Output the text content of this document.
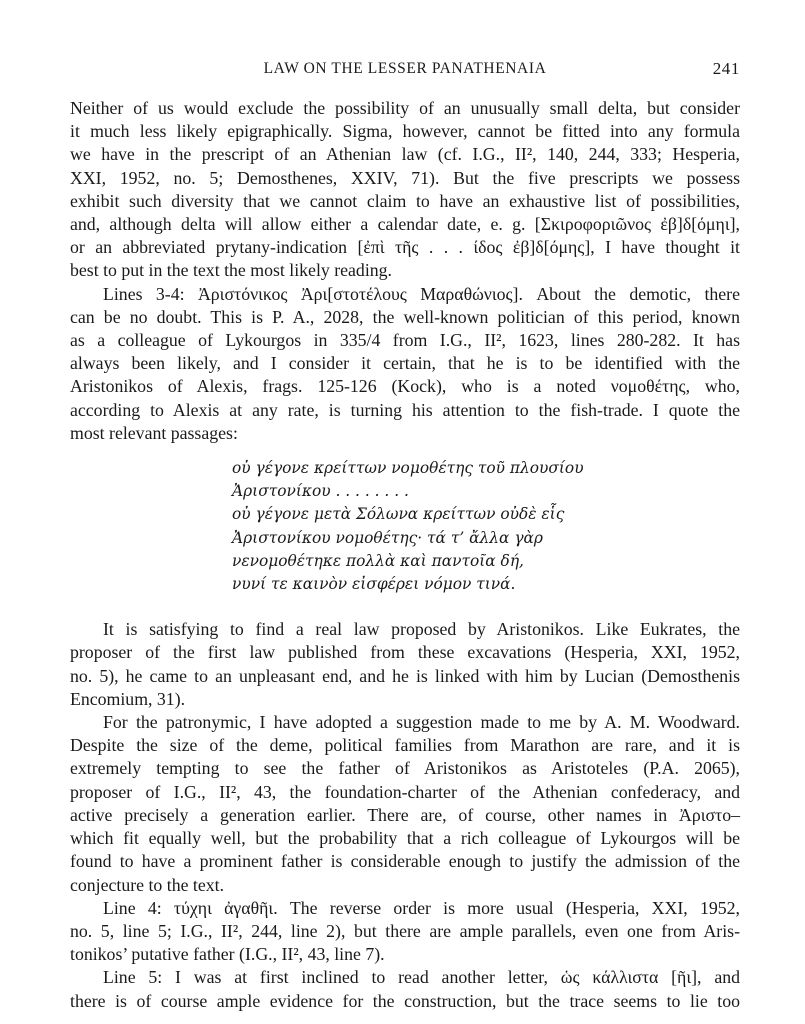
LAW ON THE LESSER PANATHENAIA	241

Neither of us would exclude the possibility of an unusually small delta, but consider
it much less likely epigraphically. Sigma, however, cannot be fitted into any formula
we have in the prescript of an Athenian law (cf. I.G., II², 140, 244, 333; Hesperia,
XXI, 1952, no. 5; Demosthenes, XXIV, 71). But the five prescripts we possess
exhibit such diversity that we cannot claim to have an exhaustive list of possibilities,
and, although delta will allow either a calendar date, e. g. [Σκιροφοριῶνος ἐβ]δ[όμηι],
or an abbreviated prytany-indication [ἐπὶ τῆς . . . ίδος ἐβ]δ[όμης], I have thought it
best to put in the text the most likely reading.

Lines 3-4: Ἀριστόνικος Ἀρι[στοτέλους Μαραθώνιος]. About the demotic, there
can be no doubt. This is P. A., 2028, the well-known politician of this period, known
as a colleague of Lykourgos in 335/4 from I.G., II², 1623, lines 280-282. It has
always been likely, and I consider it certain, that he is to be identified with the
Aristonikos of Alexis, frags. 125-126 (Kock), who is a noted νομοθέτης, who,
according to Alexis at any rate, is turning his attention to the fish-trade. I quote the
most relevant passages:

οὐ γέγονε κρείττων νομοθέτης τοῦ πλουσίου
Ἀριστονίκου . . . . . . . .
οὐ γέγονε μετὰ Σόλωνα κρείττων οὐδὲ εἷς
Ἀριστονίκου νομοθέτης· τά τ’ ἄλλα γὰρ
νενομοθέτηκε πολλὰ καὶ παντοῖα δή,
νυνί τε καινὸν εἰσφέρει νόμον τινά.

It is satisfying to find a real law proposed by Aristonikos. Like Eukrates, the
proposer of the first law published from these excavations (Hesperia, XXI, 1952,
no. 5), he came to an unpleasant end, and he is linked with him by Lucian (Demosthenis
Encomium, 31).

For the patronymic, I have adopted a suggestion made to me by A. M. Woodward.
Despite the size of the deme, political families from Marathon are rare, and it is
extremely tempting to see the father of Aristonikos as Aristoteles (P.A. 2065),
proposer of I.G., II², 43, the foundation-charter of the Athenian confederacy, and
active precisely a generation earlier. There are, of course, other names in Ἀριστο–
which fit equally well, but the probability that a rich colleague of Lykourgos will be
found to have a prominent father is considerable enough to justify the admission of the
conjecture to the text.

Line 4: τύχηι ἀγαθῆι. The reverse order is more usual (Hesperia, XXI, 1952,
no. 5, line 5; I.G., II², 244, line 2), but there are ample parallels, even one from Aris-
tonikos’ putative father (I.G., II², 43, line 7).

Line 5: I was at first inclined to read another letter, ὡς κάλλιστα [ῆι], and
there is of course ample evidence for the construction, but the trace seems to lie too
